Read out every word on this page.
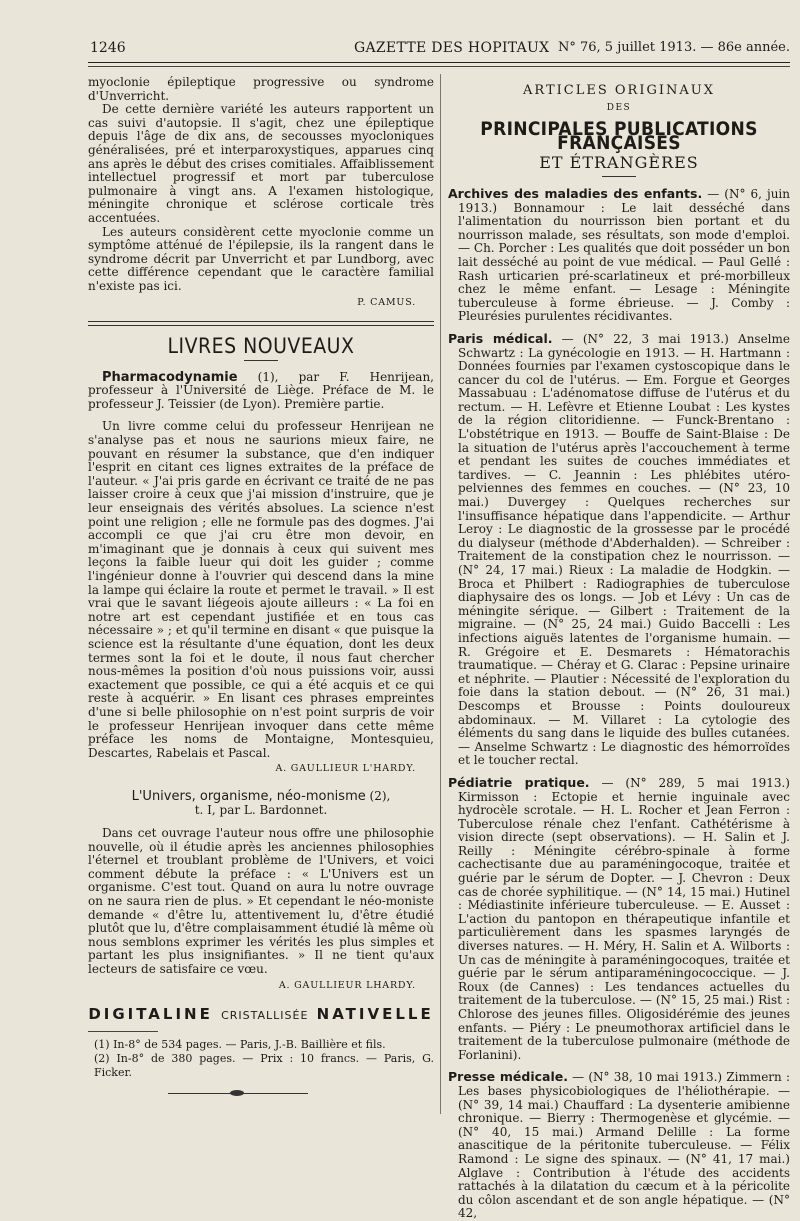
1246	GAZETTE DES HOPITAUX N° 76, 5 juillet 1913. — 86e année.

myoclonie épileptique progressive ou syndrome d'Unverricht.

De cette dernière variété les auteurs rapportent un cas suivi d'autopsie. Il s'agit, chez une épileptique depuis l'âge de dix ans, de secousses myocloniques généralisées, pré et interparoxystiques, apparues cinq ans après le début des crises comitiales. Affaiblissement intellectuel progressif et mort par tuberculose pulmonaire à vingt ans. A l'examen histologique, méningite chronique et sclérose corticale très accentuées.

Les auteurs considèrent cette myoclonie comme un symptôme atténué de l'épilepsie, ils la rangent dans le syndrome décrit par Unverricht et par Lundborg, avec cette différence cependant que le caractère familial n'existe pas ici.

P. CAMUS.
LIVRES NOUVEAUX

Pharmacodynamie (1), par F. Henrijean, professeur à l'Université de Liège. Préface de M. le professeur J. Teissier (de Lyon). Première partie.

Un livre comme celui du professeur Henrijean ne s'analyse pas et nous ne saurions mieux faire, ne pouvant en résumer la substance, que d'en indiquer l'esprit en citant ces lignes extraites de la préface de l'auteur. « J'ai pris garde en écrivant ce traité de ne pas laisser croire à ceux que j'ai mission d'instruire, que je leur enseignais des vérités absolues. La science n'est point une religion ; elle ne formule pas des dogmes. J'ai accompli ce que j'ai cru être mon devoir, en m'imaginant que je donnais à ceux qui suivent mes leçons la faible lueur qui doit les guider ; comme l'ingénieur donne à l'ouvrier qui descend dans la mine la lampe qui éclaire la route et permet le travail. » Il est vrai que le savant liégeois ajoute ailleurs : « La foi en notre art est cependant justifiée et en tous cas nécessaire » ; et qu'il termine en disant « que puisque la science est la résultante d'une équation, dont les deux termes sont la foi et le doute, il nous faut chercher nous-mêmes la position d'où nous puissions voir, aussi exactement que possible, ce qui a été acquis et ce qui reste à acquérir. » En lisant ces phrases empreintes d'une si belle philosophie on n'est point surpris de voir le professeur Henrijean invoquer dans cette même préface les noms de Montaigne, Montesquieu, Descartes, Rabelais et Pascal.

A. GAULLIEUR L'HARDY.
L'Univers, organisme, néo-monisme (2),
t. I, par L. Bardonnet.

Dans cet ouvrage l'auteur nous offre une philosophie nouvelle, où il étudie après les anciennes philosophies l'éternel et troublant problème de l'Univers, et voici comment débute la préface : « L'Univers est un organisme. C'est tout. Quand on aura lu notre ouvrage on ne saura rien de plus. » Et cependant le néo-moniste demande « d'être lu, attentivement lu, d'être étudié plutôt que lu, d'être complaisamment étudié là même où nous semblons exprimer les vérités les plus simples et partant les plus insignifiantes. » Il ne tient qu'aux lecteurs de satisfaire ce vœu.

A. GAULLIEUR LHARDY.
DIGITALINE CRISTALLISÉE NATIVELLE
(1) In-8° de 534 pages. — Paris, J.-B. Baillière et fils.
(2) In-8° de 380 pages. — Prix : 10 francs. — Paris, G. Ficker.
ARTICLES ORIGINAUX
DES
PRINCIPALES PUBLICATIONS FRANÇAISES
ET ÉTRANGÈRES

Archives des maladies des enfants. — (N° 6, juin 1913.) Bonnamour : Le lait desséché dans l'alimentation du nourrisson bien portant et du nourrisson malade, ses résultats, son mode d'emploi. — Ch. Porcher : Les qualités que doit posséder un bon lait desséché au point de vue médical. — Paul Gellé : Rash urticarien pré-scarlatineux et pré-morbilleux chez le même enfant. — Lesage : Méningite tuberculeuse à forme ébrieuse. — J. Comby : Pleurésies purulentes récidivantes.

Paris médical. — (N° 22, 3 mai 1913.) Anselme Schwartz : La gynécologie en 1913. — H. Hartmann : Données fournies par l'examen cystoscopique dans le cancer du col de l'utérus. — Em. Forgue et Georges Massabuau : L'adénomatose diffuse de l'utérus et du rectum. — H. Lefèvre et Etienne Loubat : Les kystes de la région clitoridienne. — Funck-Brentano : L'obstétrique en 1913. — Bouffe de Saint-Blaise : De la situation de l'utérus après l'accouchement à terme et pendant les suites de couches immédiates et tardives. — C. Jeannin : Les phlébites utéro-pelviennes des femmes en couches. — (N° 23, 10 mai.) Duvergey : Quelques recherches sur l'insuffisance hépatique dans l'appendicite. — Arthur Leroy : Le diagnostic de la grossesse par le procédé du dialyseur (méthode d'Abderhalden). — Schreiber : Traitement de la constipation chez le nourrisson. — (N° 24, 17 mai.) Rieux : La maladie de Hodgkin. — Broca et Philbert : Radiographies de tuberculose diaphysaire des os longs. — Job et Lévy : Un cas de méningite sérique. — Gilbert : Traitement de la migraine. — (N° 25, 24 mai.) Guido Baccelli : Les infections aiguës latentes de l'organisme humain. — R. Grégoire et E. Desmarets : Hématorachis traumatique. — Chéray et G. Clarac : Pepsine urinaire et néphrite. — Plautier : Nécessité de l'exploration du foie dans la station debout. — (N° 26, 31 mai.) Descomps et Brousse : Points douloureux abdominaux. — M. Villaret : La cytologie des éléments du sang dans le liquide des bulles cutanées. — Anselme Schwartz : Le diagnostic des hémorroïdes et le toucher rectal.

Pédiatrie pratique. — (N° 289, 5 mai 1913.) Kirmisson : Ectopie et hernie inguinale avec hydrocèle scrotale. — H. L. Rocher et Jean Ferron : Tuberculose rénale chez l'enfant. Cathétérisme à vision directe (sept observations). — H. Salin et J. Reilly : Méningite cérébro-spinale à forme cachectisante due au paraméningocoque, traitée et guérie par le sérum de Dopter. — J. Chevron : Deux cas de chorée syphilitique. — (N° 14, 15 mai.) Hutinel : Médiastinite inférieure tuberculeuse. — E. Ausset : L'action du pantopon en thérapeutique infantile et particulièrement dans les spasmes laryngés de diverses natures. — H. Méry, H. Salin et A. Wilborts : Un cas de méningite à paraméningocoques, traitée et guérie par le sérum antiparaméningococcique. — J. Roux (de Cannes) : Les tendances actuelles du traitement de la tuberculose. — (N° 15, 25 mai.) Rist : Chlorose des jeunes filles. Oligosidérémie des jeunes enfants. — Piéry : Le pneumothorax artificiel dans le traitement de la tuberculose pulmonaire (méthode de Forlanini).

Presse médicale. — (N° 38, 10 mai 1913.) Zimmern : Les bases physicobiologiques de l'héliothérapie. — (N° 39, 14 mai.) Chauffard : La dysenterie amibienne chronique. — Bierry : Thermogenèse et glycémie. — (N° 40, 15 mai.) Armand Delille : La forme anascitique de la péritonite tuberculeuse. — Félix Ramond : Le signe des spinaux. — (N° 41, 17 mai.) Alglave : Contribution à l'étude des accidents rattachés à la dilatation du cæcum et à la péricolite du côlon ascendant et de son angle hépatique. — (N° 42,
